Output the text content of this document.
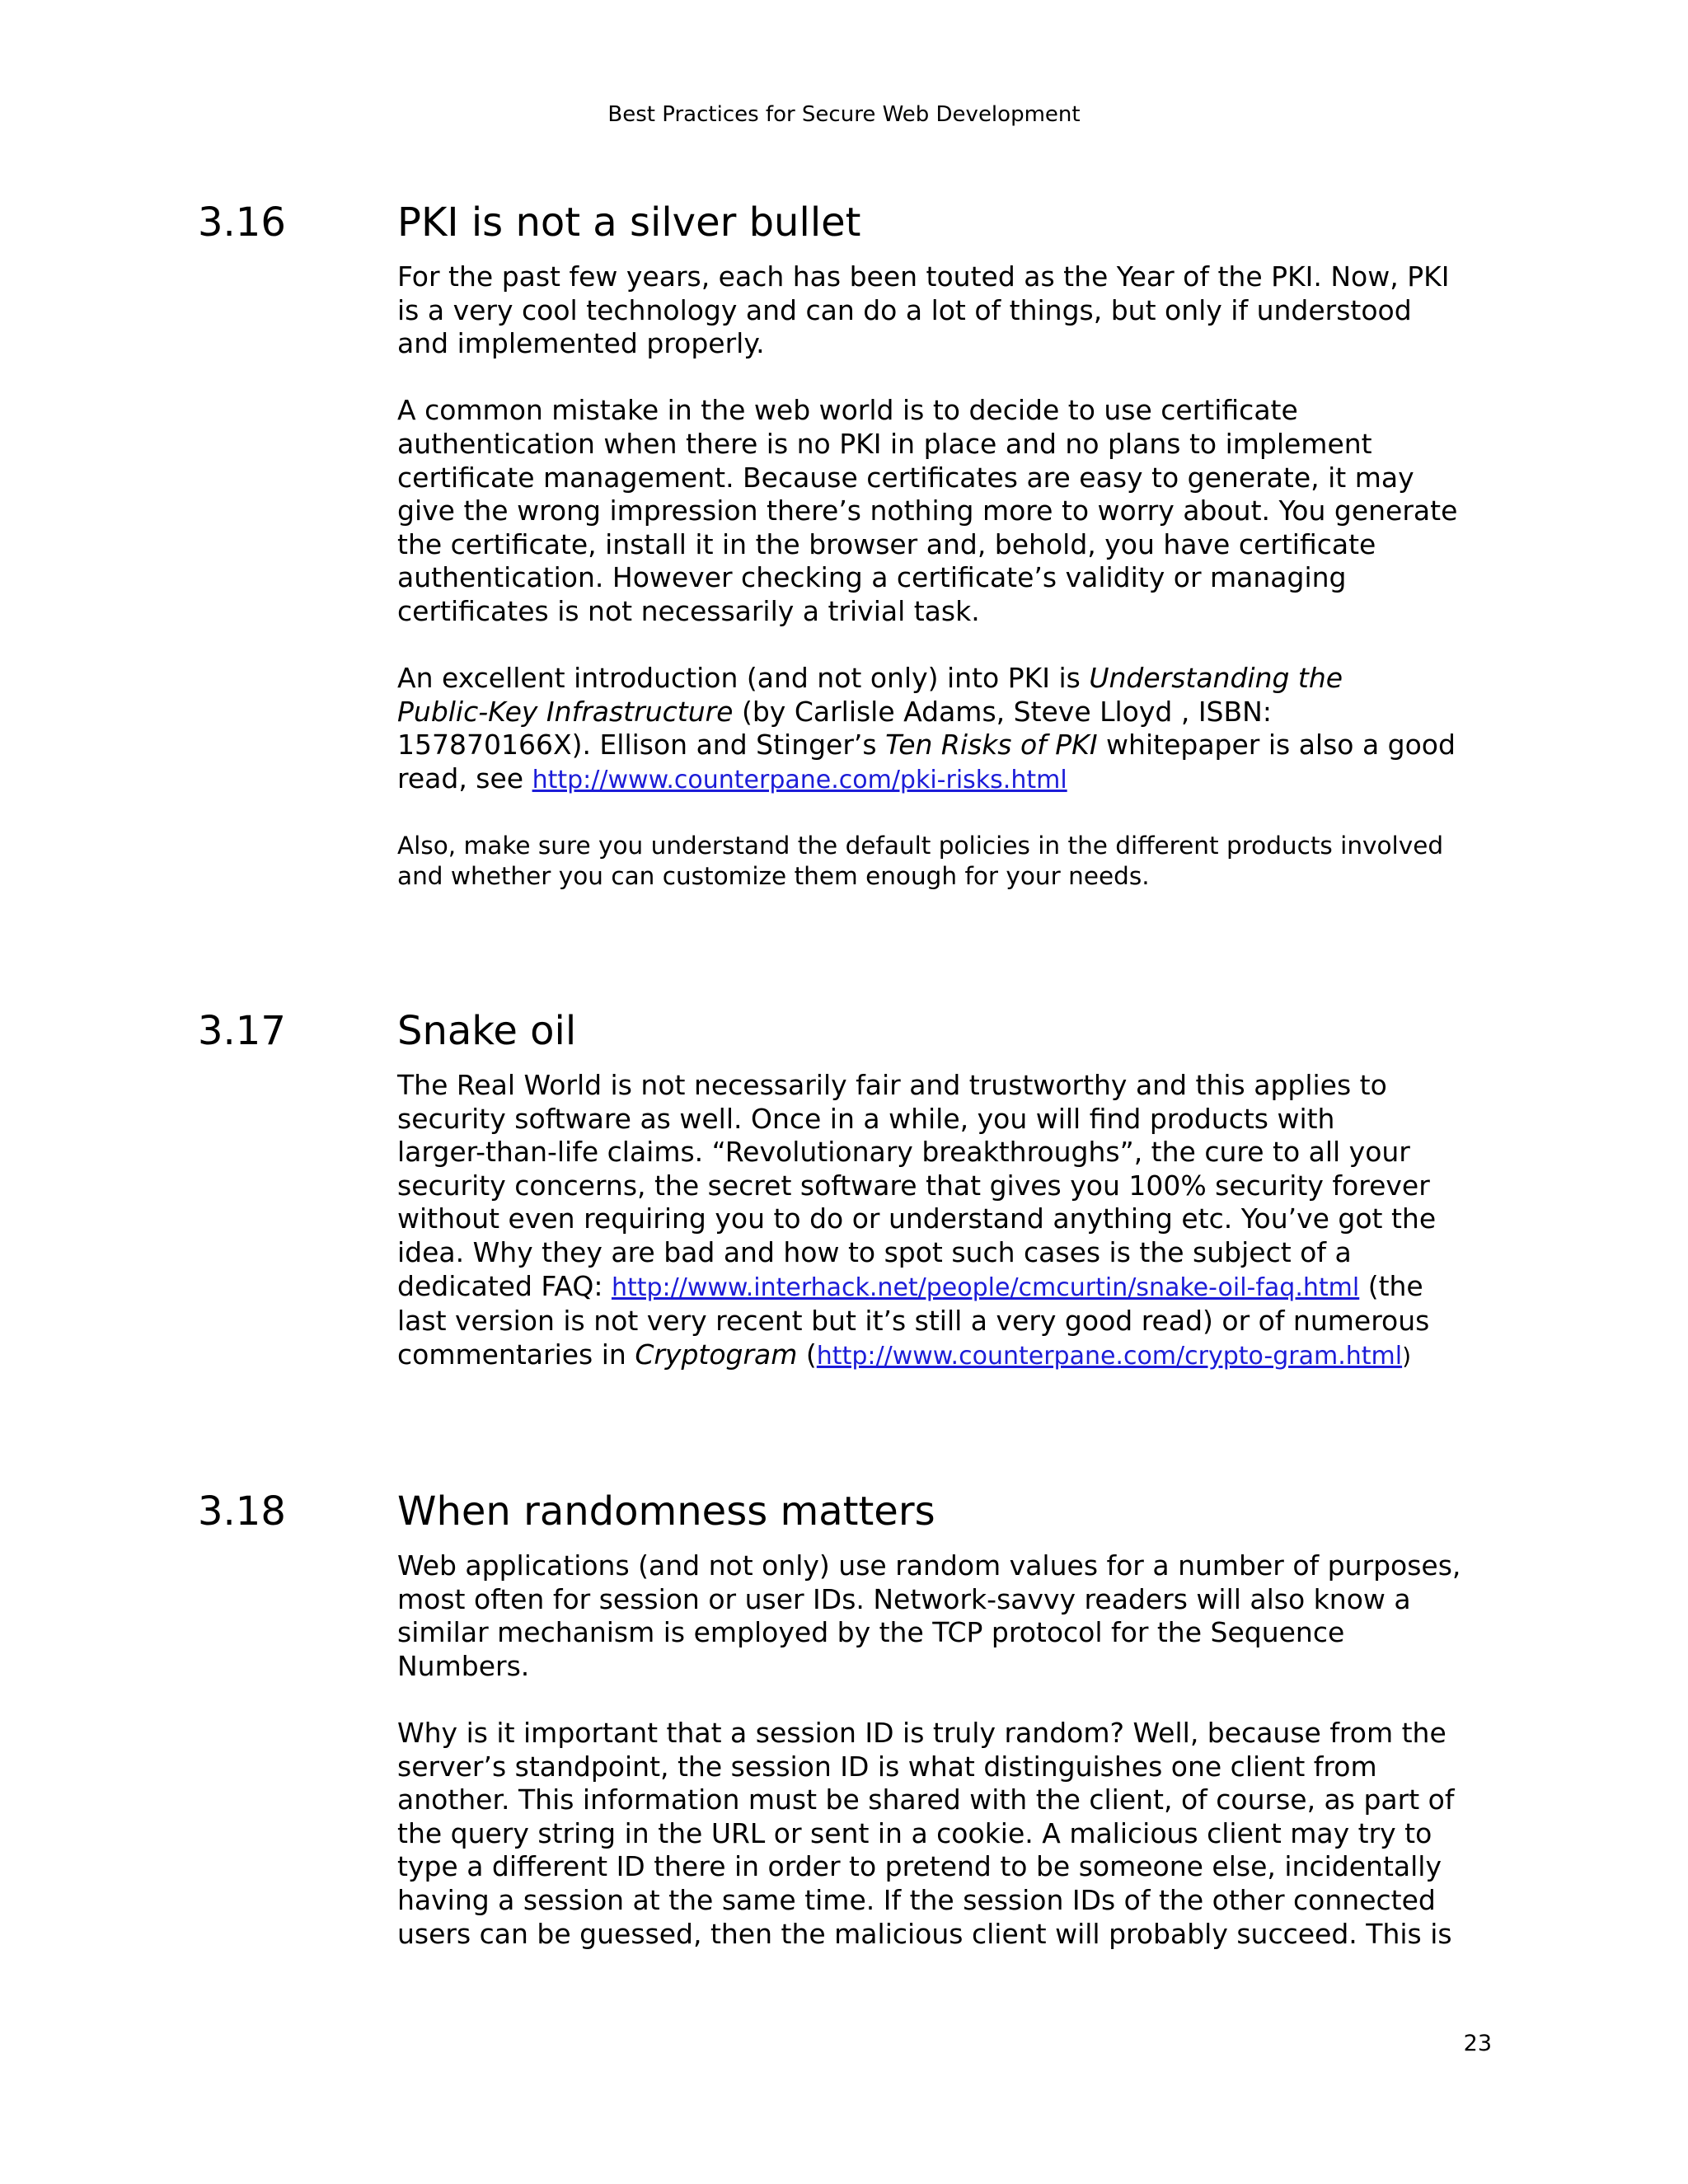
Best Practices for Secure Web Development
3.16	PKI is not a silver bullet

For the past few years, each has been touted as the Year of the PKI. Now, PKI
is a very cool technology and can do a lot of things, but only if understood
and implemented properly.

A common mistake in the web world is to decide to use certificate
authentication when there is no PKI in place and no plans to implement
certificate management. Because certificates are easy to generate, it may
give the wrong impression there’s nothing more to worry about. You generate
the certificate, install it in the browser and, behold, you have certificate
authentication. However checking a certificate’s validity or managing
certificates is not necessarily a trivial task.

An excellent introduction (and not only) into PKI is Understanding the
Public-Key Infrastructure (by Carlisle Adams, Steve Lloyd , ISBN:
157870166X). Ellison and Stinger’s Ten Risks of PKI whitepaper is also a good
read, see http://www.counterpane.com/pki-risks.html

Also, make sure you understand the default policies in the different products involved
and whether you can customize them enough for your needs.

3.17	Snake oil

The Real World is not necessarily fair and trustworthy and this applies to
security software as well. Once in a while, you will find products with
larger-than-life claims. “Revolutionary breakthroughs”, the cure to all your
security concerns, the secret software that gives you 100% security forever
without even requiring you to do or understand anything etc. You’ve got the
idea. Why they are bad and how to spot such cases is the subject of a
dedicated FAQ: http://www.interhack.net/people/cmcurtin/snake-oil-faq.html (the
last version is not very recent but it’s still a very good read) or of numerous
commentaries in Cryptogram (http://www.counterpane.com/crypto-gram.html)

3.18	When randomness matters

Web applications (and not only) use random values for a number of purposes,
most often for session or user IDs. Network-savvy readers will also know a
similar mechanism is employed by the TCP protocol for the Sequence
Numbers.

Why is it important that a session ID is truly random? Well, because from the
server’s standpoint, the session ID is what distinguishes one client from
another. This information must be shared with the client, of course, as part of
the query string in the URL or sent in a cookie. A malicious client may try to
type a different ID there in order to pretend to be someone else, incidentally
having a session at the same time. If the session IDs of the other connected
users can be guessed, then the malicious client will probably succeed. This is

23
